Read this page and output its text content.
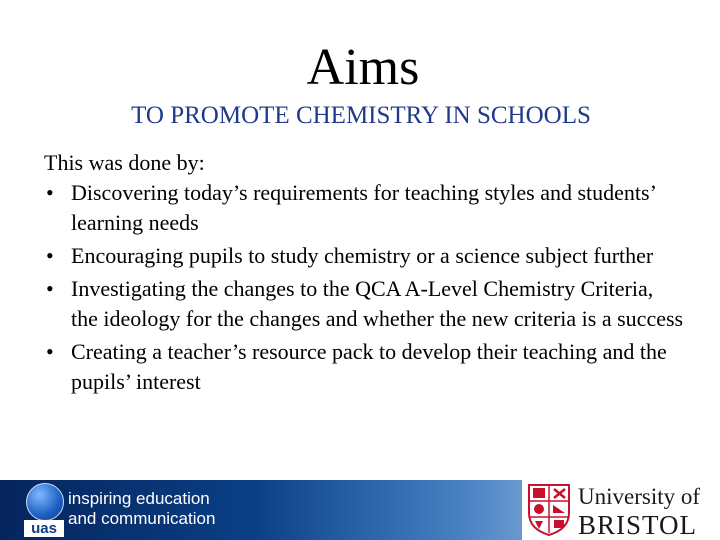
Aims
TO PROMOTE CHEMISTRY IN SCHOOLS

This was done by:

• Discovering today’s requirements for teaching styles and students’ learning needs
• Encouraging pupils to study chemistry or a science subject further
• Investigating the changes to the QCA A-Level Chemistry Criteria, the ideology for the changes and whether the new criteria is a success
• Creating a teacher’s resource pack to develop their teaching and the pupils’ interest
uas

inspiring education
and communication

University of

BRISTOL
